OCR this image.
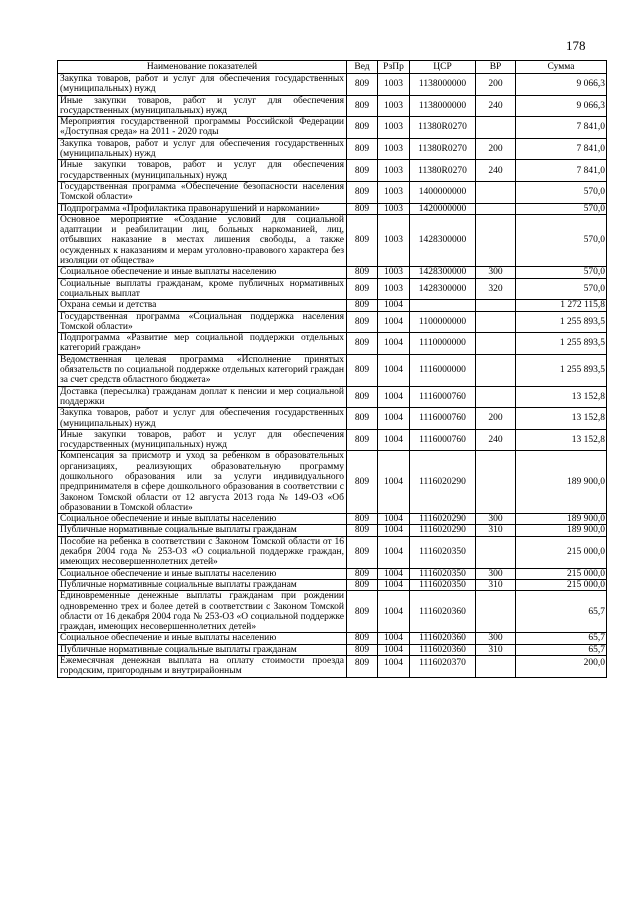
178
Наименование показателей	Вед	РзПр	ЦСР	ВР	Сумма
Закупка товаров, работ и услуг для обеспечения государственных (муниципальных) нужд	809	1003	1138000000	200	9 066,3
Иные закупки товаров, работ и услуг для обеспечения государственных (муниципальных) нужд	809	1003	1138000000	240	9 066,3
Мероприятия государственной программы Российской Федерации «Доступная среда» на 2011 - 2020 годы	809	1003	11380R0270		7 841,0
Закупка товаров, работ и услуг для обеспечения государственных (муниципальных) нужд	809	1003	11380R0270	200	7 841,0
Иные закупки товаров, работ и услуг для обеспечения государственных (муниципальных) нужд	809	1003	11380R0270	240	7 841,0
Государственная программа «Обеспечение безопасности населения Томской области»	809	1003	1400000000		570,0
Подпрограмма «Профилактика правонарушений и наркомании»	809	1003	1420000000		570,0
Основное мероприятие «Создание условий для социальной адаптации и реабилитации лиц, больных наркоманией, лиц, отбывших наказание в местах лишения свободы, а также осужденных к наказаниям и мерам уголовно-правового характера без изоляции от общества»	809	1003	1428300000		570,0
Социальное обеспечение и иные выплаты населению	809	1003	1428300000	300	570,0
Социальные выплаты гражданам, кроме публичных нормативных социальных выплат	809	1003	1428300000	320	570,0
Охрана семьи и детства	809	1004			1 272 115,8
Государственная программа «Социальная поддержка населения Томской области»	809	1004	1100000000		1 255 893,5
Подпрограмма «Развитие мер социальной поддержки отдельных категорий граждан»	809	1004	1110000000		1 255 893,5
Ведомственная целевая программа «Исполнение принятых обязательств по социальной поддержке отдельных категорий граждан за счет средств областного бюджета»	809	1004	1116000000		1 255 893,5
Доставка (пересылка) гражданам доплат к пенсии и мер социальной поддержки	809	1004	1116000760		13 152,8
Закупка товаров, работ и услуг для обеспечения государственных (муниципальных) нужд	809	1004	1116000760	200	13 152,8
Иные закупки товаров, работ и услуг для обеспечения государственных (муниципальных) нужд	809	1004	1116000760	240	13 152,8
Компенсация за присмотр и уход за ребенком в образовательных организациях, реализующих образовательную программу дошкольного образования или за услуги индивидуального предпринимателя в сфере дошкольного образования в соответствии с Законом Томской области от 12 августа 2013 года № 149-ОЗ «Об образовании в Томской области»	809	1004	1116020290		189 900,0
Социальное обеспечение и иные выплаты населению	809	1004	1116020290	300	189 900,0
Публичные нормативные социальные выплаты гражданам	809	1004	1116020290	310	189 900,0
Пособие на ребенка в соответствии с Законом Томской области от 16 декабря 2004 года № 253-ОЗ «О социальной поддержке граждан, имеющих несовершеннолетних детей»	809	1004	1116020350		215 000,0
Социальное обеспечение и иные выплаты населению	809	1004	1116020350	300	215 000,0
Публичные нормативные социальные выплаты гражданам	809	1004	1116020350	310	215 000,0
Единовременные денежные выплаты гражданам при рождении одновременно трех и более детей в соответствии с Законом Томской области от 16 декабря 2004 года № 253-ОЗ «О социальной поддержке граждан, имеющих несовершеннолетних детей»	809	1004	1116020360		65,7
Социальное обеспечение и иные выплаты населению	809	1004	1116020360	300	65,7
Публичные нормативные социальные выплаты гражданам	809	1004	1116020360	310	65,7
Ежемесячная денежная выплата на оплату стоимости проезда городским, пригородным и внутрирайонным	809	1004	1116020370		200,0
